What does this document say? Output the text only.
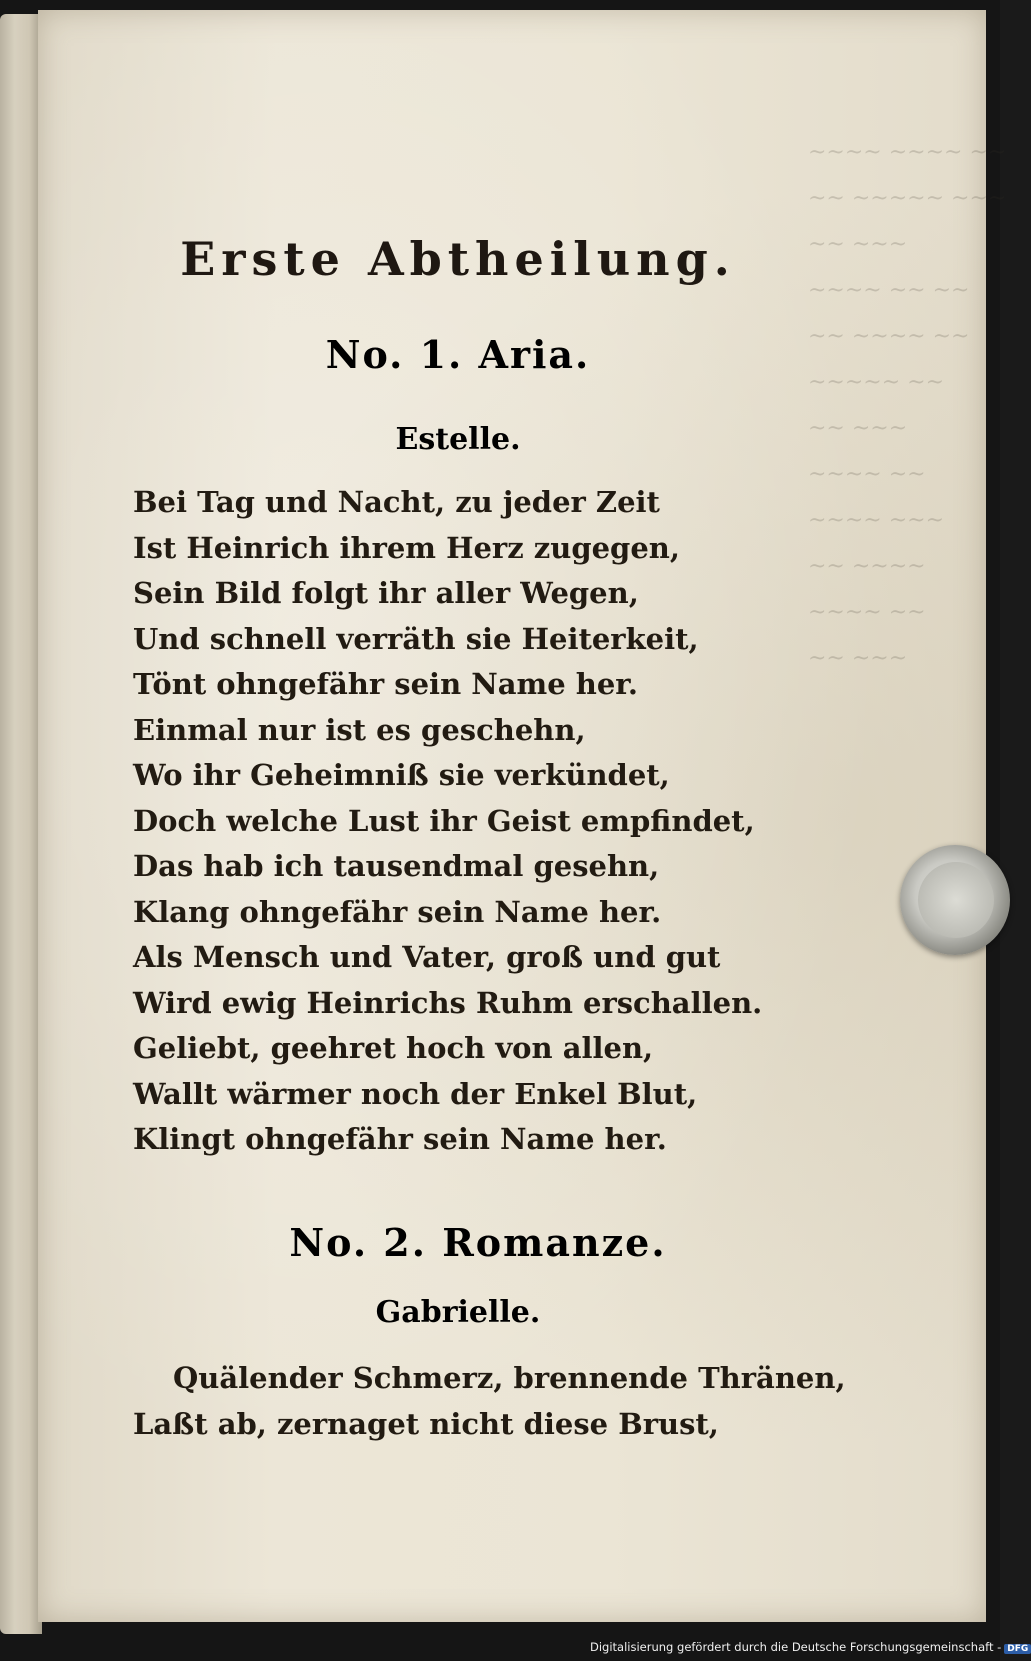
~~~~ ~~~~ ~~
~~ ~~~~~ ~~~
~~ ~~~
~~~~ ~~ ~~
~~ ~~~~ ~~
~~~~~ ~~
~~ ~~~
~~~~ ~~
~~~~ ~~~
~~ ~~~~
~~~~ ~~
~~ ~~~
Erste Abtheilung.
No. 1. Aria.
Estelle.
Bei Tag und Nacht, zu jeder Zeit
Ist Heinrich ihrem Herz zugegen,
Sein Bild folgt ihr aller Wegen,
Und schnell verräth sie Heiterkeit,
Tönt ohngefähr sein Name her.
Einmal nur ist es geschehn,
Wo ihr Geheimniß sie verkündet,
Doch welche Lust ihr Geist empfindet,
Das hab ich tausendmal gesehn,
Klang ohngefähr sein Name her.
Als Mensch und Vater, groß und gut
Wird ewig Heinrichs Ruhm erschallen.
Geliebt, geehret hoch von allen,
Wallt wärmer noch der Enkel Blut,
Klingt ohngefähr sein Name her.
No. 2. Romanze.
Gabrielle.
Quälender Schmerz, brennende Thränen,
Laßt ab, zernaget nicht diese Brust,
Digitalisierung gefördert durch die Deutsche Forschungsgemeinschaft - DFG
